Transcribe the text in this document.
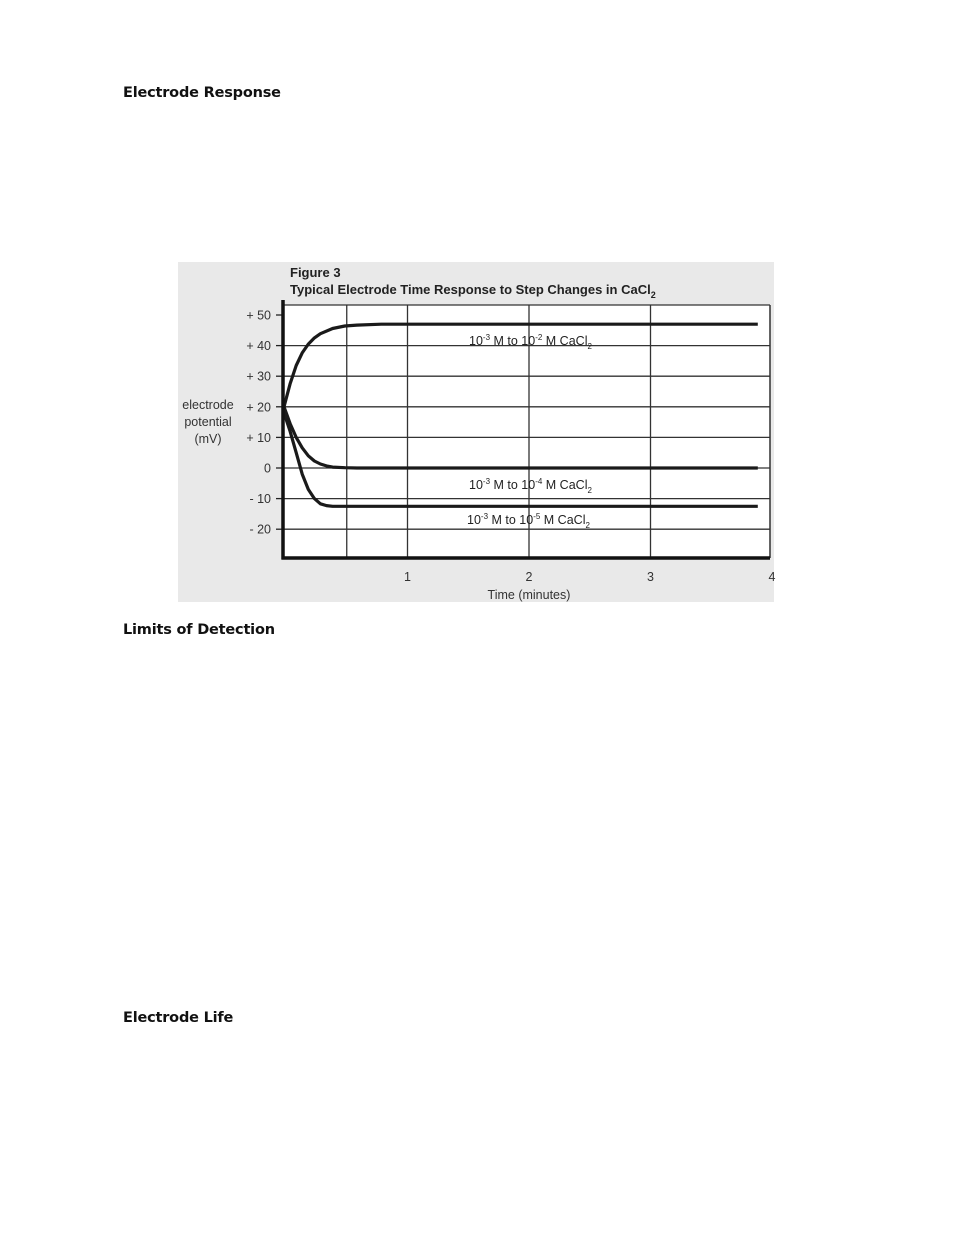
Electrode Response
Figure 3
Typical Electrode Time Response to Step Changes in CaCl$_2$
+ 50
+ 40
+ 30
+ 20
+ 10
0
- 10
- 20
1	2	3	4
$10^{-3}$ M to $10^{-2}$ M CaCl$_2$
$10^{-3}$ M to $10^{-4}$ M CaCl$_2$
$10^{-3}$ M to $10^{-5}$ M CaCl$_2$
electrode
potential
(mV)
Time (minutes)
Limits of Detection
Electrode Life
